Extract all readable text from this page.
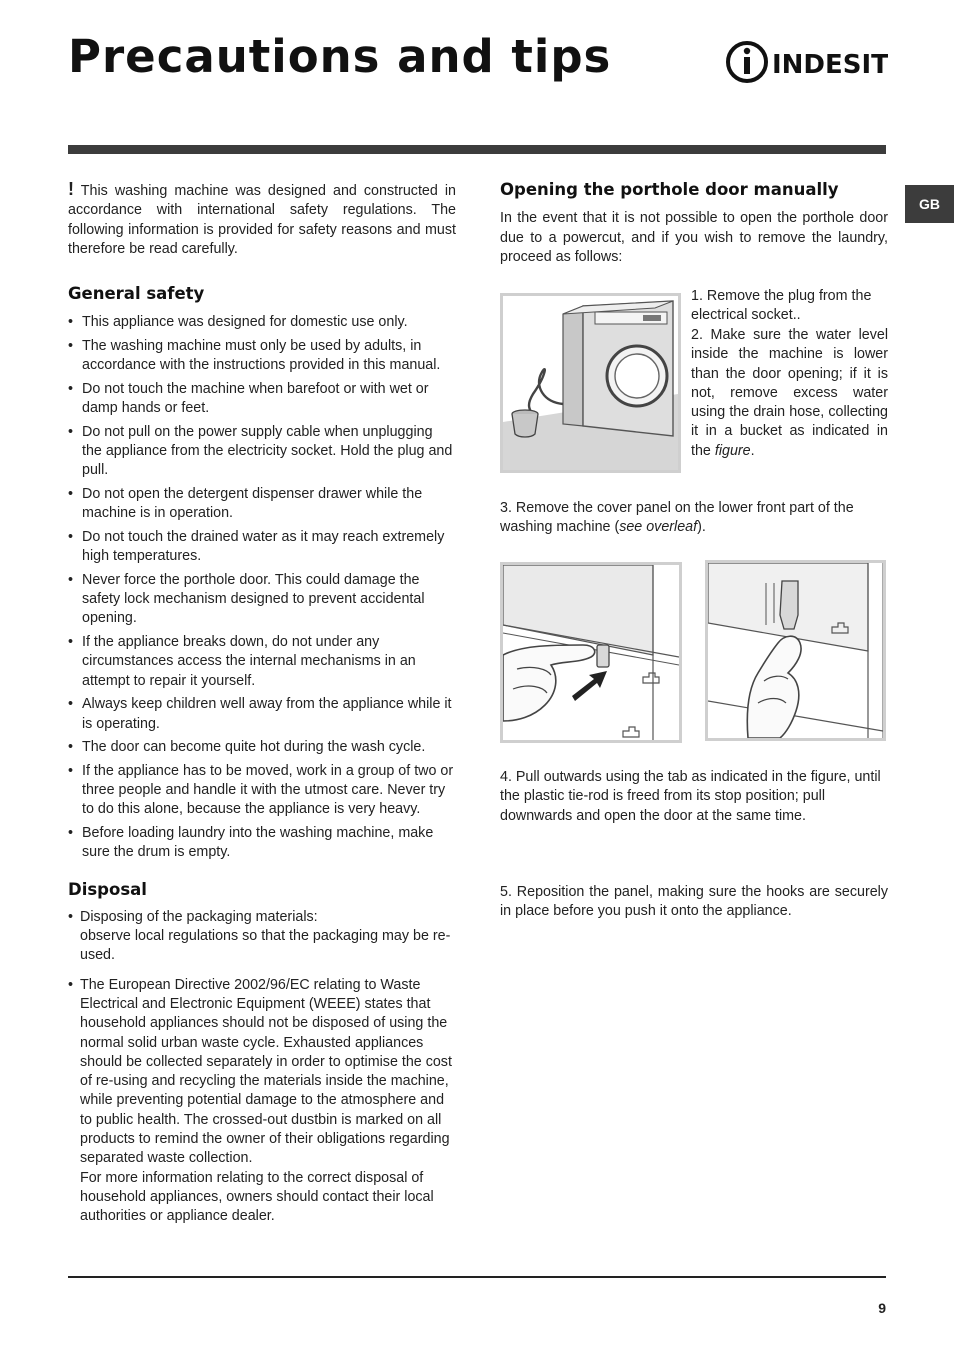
Precautions and tips	INDESIT
GB

! This washing machine was designed and constructed in accordance with international safety regulations. The following information is provided for safety reasons and must therefore be read carefully.

General safety
• This appliance was designed for domestic use only.
• The washing machine must only be used by adults, in accordance with the instructions provided in this manual.
• Do not touch the machine when barefoot or with wet or damp hands or feet.
• Do not pull on the power supply cable when unplugging the appliance from the electricity socket. Hold the plug and pull.
• Do not open the detergent dispenser drawer while the machine is in operation.
• Do not touch the drained water as it may reach extremely high temperatures.
• Never force the porthole door. This could damage the safety lock mechanism designed to prevent accidental opening.
• If the appliance breaks down, do not under any circumstances access the internal mechanisms in an attempt to repair it yourself.
• Always keep children well away from the appliance while it is operating.
• The door can become quite hot during the wash cycle.
• If the appliance has to be moved, work in a group of two or three people and handle it with the utmost care. Never try to do this alone, because the appliance is very heavy.
• Before loading laundry into the washing machine, make sure the drum is empty.
Disposal
• Disposing of the packaging materials:
observe local regulations so that the packaging may be re-used.
• The European Directive 2002/96/EC relating to Waste Electrical and Electronic Equipment (WEEE) states that household appliances should not be disposed of using the normal solid urban waste cycle. Exhausted appliances should be collected separately in order to optimise the cost of re-using and recycling the materials inside the machine, while preventing potential damage to the atmosphere and to public health. The crossed-out dustbin is marked on all products to remind the owner of their obligations regarding separated waste collection.
For more information relating to the correct disposal of household appliances, owners should contact their local authorities or appliance dealer.
Opening the porthole door manually

In the event that it is not possible to open the porthole door due to a powercut, and if you wish to remove the laundry, proceed as follows:

1. Remove the plug from the electrical socket..
2. Make sure the water level inside the machine is lower than the door opening; if it is not, remove excess water using the drain hose, collecting it in a bucket as indicated in the figure.
3. Remove the cover panel on the lower front part of the washing machine (see overleaf).
4. Pull outwards using the tab as indicated in the figure, until the plastic tie-rod is freed from its stop position; pull downwards and open the door at the same time.
5. Reposition the panel, making sure the hooks are securely in place before you push it onto the appliance.
9
